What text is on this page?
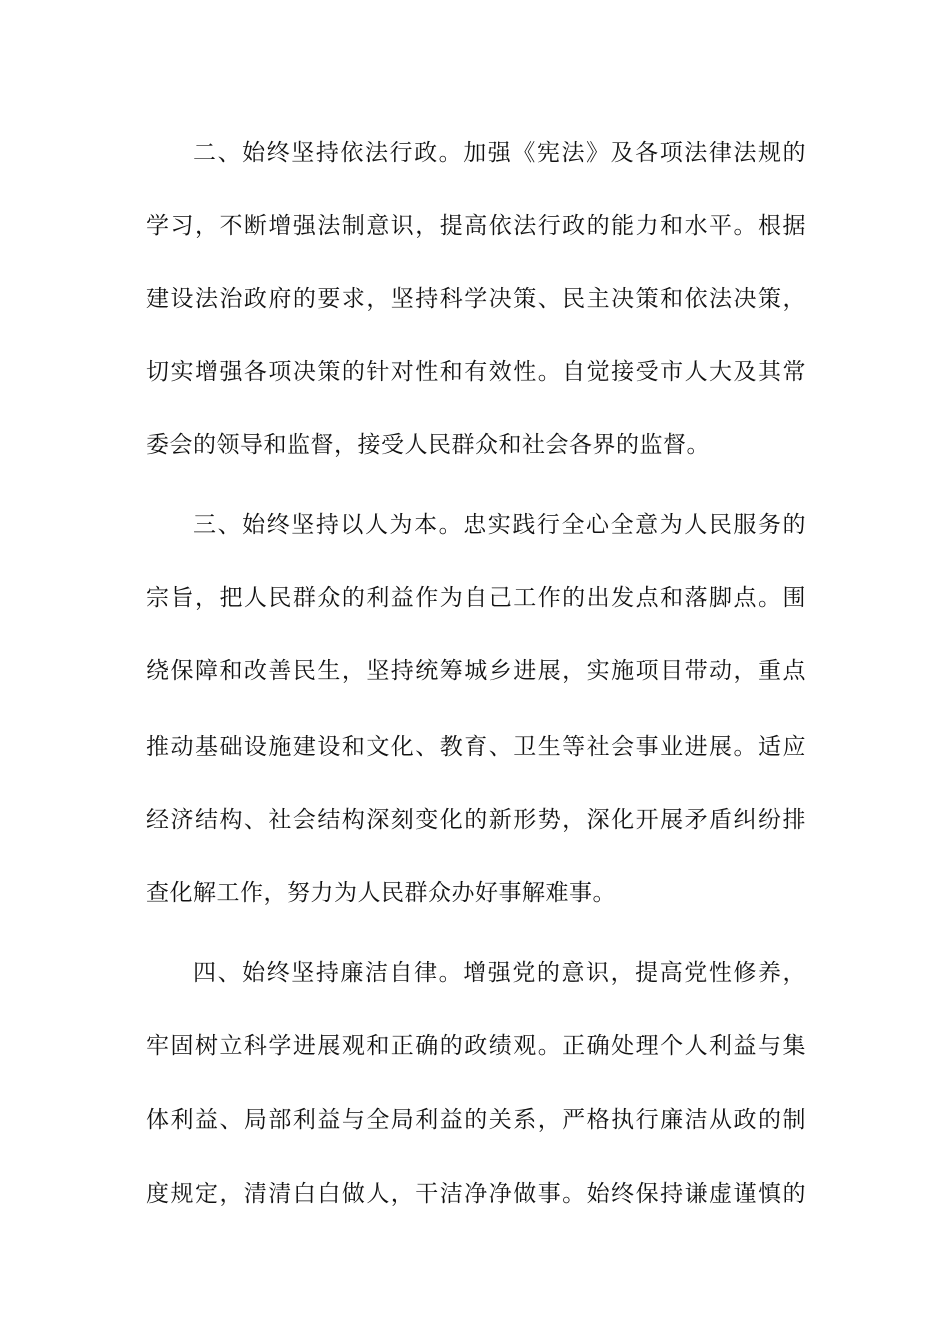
二、始终坚持依法行政。加强《宪法》及各项法律法规的
学习，不断增强法制意识，提高依法行政的能力和水平。根据
建设法治政府的要求，坚持科学决策、民主决策和依法决策，
切实增强各项决策的针对性和有效性。自觉接受市人大及其常
委会的领导和监督，接受人民群众和社会各界的监督。
三、始终坚持以人为本。忠实践行全心全意为人民服务的
宗旨，把人民群众的利益作为自己工作的出发点和落脚点。围
绕保障和改善民生，坚持统筹城乡进展，实施项目带动，重点
推动基础设施建设和文化、教育、卫生等社会事业进展。适应
经济结构、社会结构深刻变化的新形势，深化开展矛盾纠纷排
查化解工作，努力为人民群众办好事解难事。
四、始终坚持廉洁自律。增强党的意识，提高党性修养，
牢固树立科学进展观和正确的政绩观。正确处理个人利益与集
体利益、局部利益与全局利益的关系，严格执行廉洁从政的制
度规定，清清白白做人，干洁净净做事。始终保持谦虚谨慎的
